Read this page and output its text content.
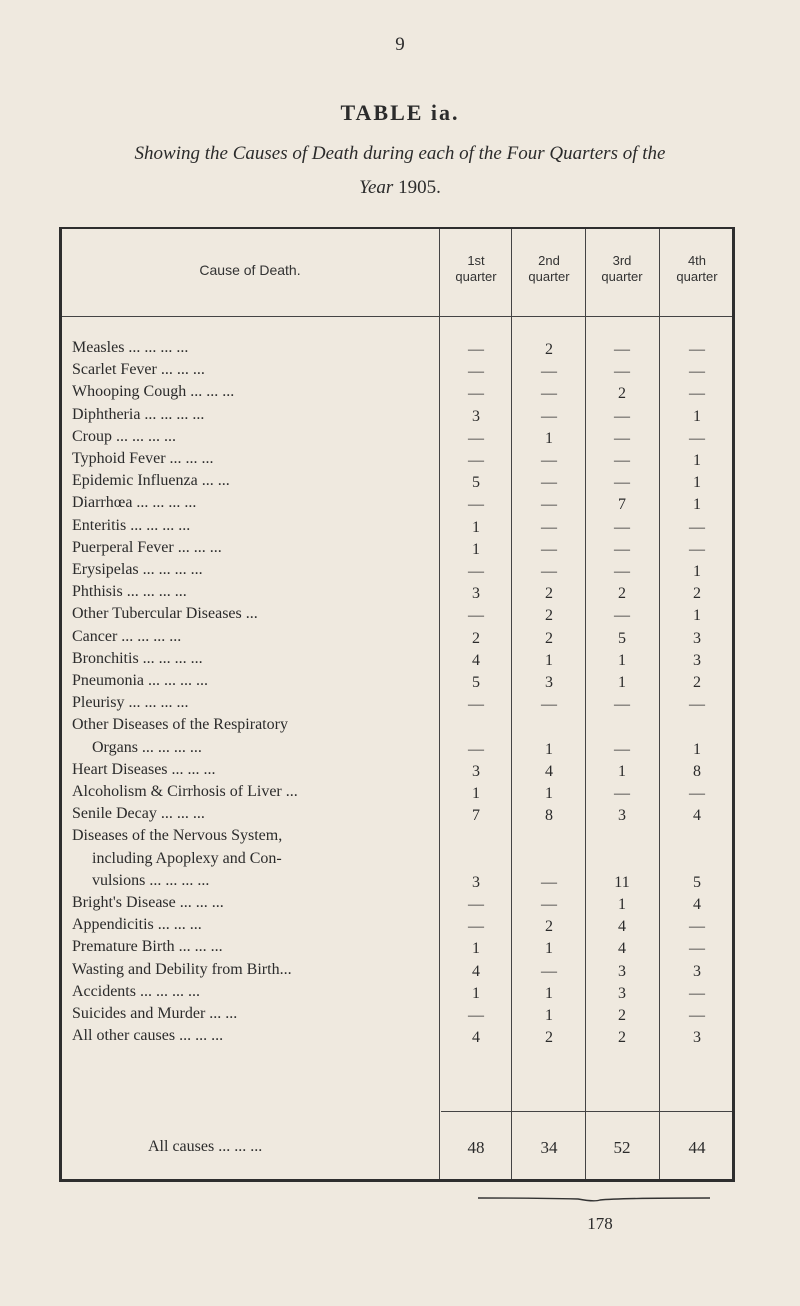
9
TABLE ia.
Showing the Causes of Death during each of the Four Quarters of the
Year 1905.
Cause of Death.
1st
quarter
2nd
quarter
3rd
quarter
4th
quarter
Measles ... ... ... ...	—	2	—	—
Scarlet Fever ... ... ...	—	—	—	—
Whooping Cough ... ... ...	—	—	2	—
Diphtheria ... ... ... ...	3	—	—	1
Croup ... ... ... ...	—	1	—	—
Typhoid Fever ... ... ...	—	—	—	1
Epidemic Influenza ... ...	5	—	—	1
Diarrhœa ... ... ... ...	—	—	7	1
Enteritis ... ... ... ...	1	—	—	—
Puerperal Fever ... ... ...	1	—	—	—
Erysipelas ... ... ... ...	—	—	—	1
Phthisis ... ... ... ...	3	2	2	2
Other Tubercular Diseases ...	—	2	—	1
Cancer ... ... ... ...	2	2	5	3
Bronchitis ... ... ... ...	4	1	1	3
Pneumonia ... ... ... ...	5	3	1	2
Pleurisy ... ... ... ...	—	—	—	—
Other Diseases of the Respiratory
Organs ... ... ... ...	—	1	—	1
Heart Diseases ... ... ...	3	4	1	8
Alcoholism & Cirrhosis of Liver ...	1	1	—	—
Senile Decay ... ... ...	7	8	3	4
Diseases of the Nervous System,
including Apoplexy and Con-
vulsions ... ... ... ...	3	—	11	5
Bright's Disease ... ... ...	—	—	1	4
Appendicitis ... ... ...	—	2	4	—
Premature Birth ... ... ...	1	1	4	—
Wasting and Debility from Birth...	4	—	3	3
Accidents ... ... ... ...	1	1	3	—
Suicides and Murder ... ...	—	1	2	—
All other causes ... ... ...	4	2	2	3
All causes ... ... ...	48	34	52	44
178
